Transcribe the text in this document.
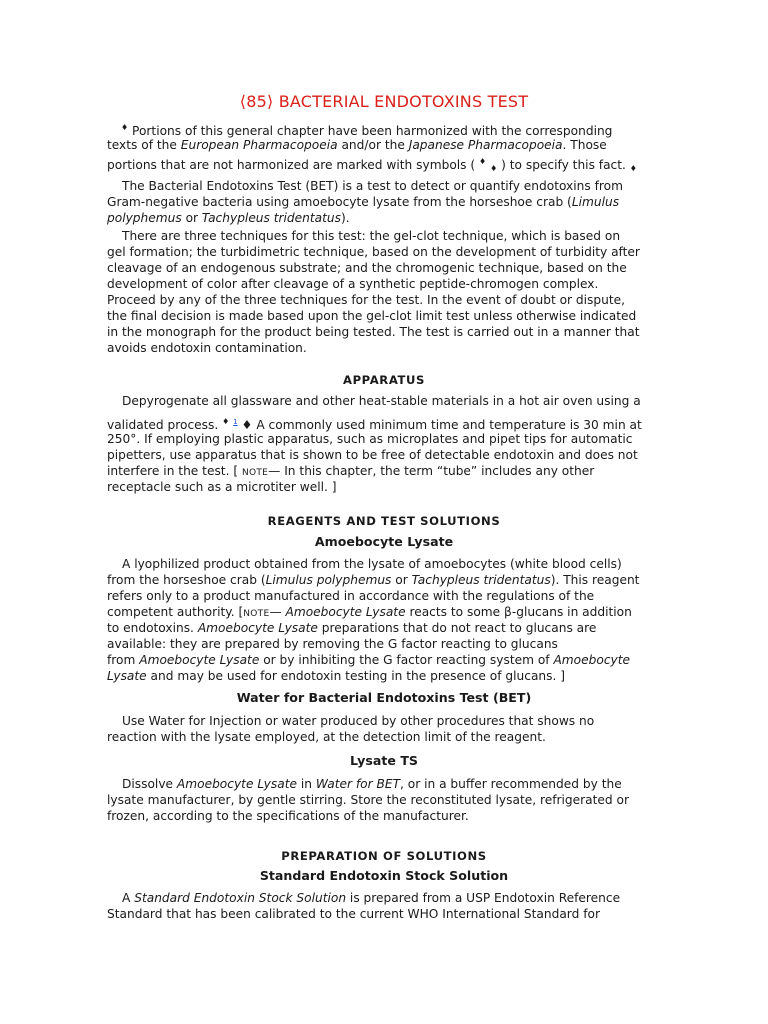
⟨85⟩ BACTERIAL ENDOTOXINS TEST
♦ Portions of this general chapter have been harmonized with the corresponding
texts of the European Pharmacopoeia and/or the Japanese Pharmacopoeia. Those
portions that are not harmonized are marked with symbols ( ♦ $_♦$ ) to specify this fact. $_♦$
The Bacterial Endotoxins Test (BET) is a test to detect or quantify endotoxins from
Gram-negative bacteria using amoebocyte lysate from the horseshoe crab (Limulus
polyphemus or Tachypleus tridentatus).
There are three techniques for this test: the gel-clot technique, which is based on
gel formation; the turbidimetric technique, based on the development of turbidity after
cleavage of an endogenous substrate; and the chromogenic technique, based on the
development of color after cleavage of a synthetic peptide-chromogen complex.
Proceed by any of the three techniques for the test. In the event of doubt or dispute,
the final decision is made based upon the gel-clot limit test unless otherwise indicated
in the monograph for the product being tested. The test is carried out in a manner that
avoids endotoxin contamination.
APPARATUS
Depyrogenate all glassware and other heat-stable materials in a hot air oven using a
validated process. ♦ $^1$ ♦ A commonly used minimum time and temperature is 30 min at
250°. If employing plastic apparatus, such as microplates and pipet tips for automatic
pipetters, use apparatus that is shown to be free of detectable endotoxin and does not
interfere in the test. [ NOTE— In this chapter, the term “tube” includes any other
receptacle such as a microtiter well. ]
REAGENTS AND TEST SOLUTIONS
Amoebocyte Lysate
A lyophilized product obtained from the lysate of amoebocytes (white blood cells)
from the horseshoe crab (Limulus polyphemus or Tachypleus tridentatus). This reagent
refers only to a product manufactured in accordance with the regulations of the
competent authority. [NOTE— Amoebocyte Lysate reacts to some β-glucans in addition
to endotoxins. Amoebocyte Lysate preparations that do not react to glucans are
available: they are prepared by removing the G factor reacting to glucans
from Amoebocyte Lysate or by inhibiting the G factor reacting system of Amoebocyte
Lysate and may be used for endotoxin testing in the presence of glucans. ]
Water for Bacterial Endotoxins Test (BET)
Use Water for Injection or water produced by other procedures that shows no
reaction with the lysate employed, at the detection limit of the reagent.
Lysate TS
Dissolve Amoebocyte Lysate in Water for BET, or in a buffer recommended by the
lysate manufacturer, by gentle stirring. Store the reconstituted lysate, refrigerated or
frozen, according to the specifications of the manufacturer.
PREPARATION OF SOLUTIONS
Standard Endotoxin Stock Solution
A Standard Endotoxin Stock Solution is prepared from a USP Endotoxin Reference
Standard that has been calibrated to the current WHO International Standard for
